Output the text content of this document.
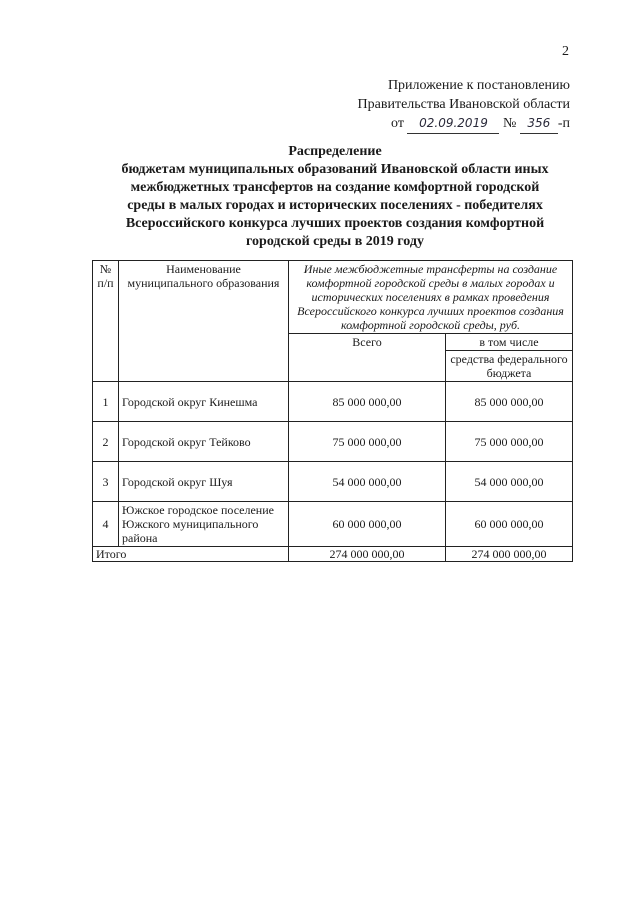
2
Приложение к постановлению
Правительства Ивановской области
от 02.09.2019 № 356 -п
Распределение
бюджетам муниципальных образований Ивановской области иных
межбюджетных трансфертов на создание комфортной городской
среды в малых городах и исторических поселениях - победителях
Всероссийского конкурса лучших проектов создания комфортной
городской среды в 2019 году
№ п/п	Наименование муниципального образования	Иные межбюджетные трансферты на создание комфортной городской среды в малых городах и исторических поселениях в рамках проведения Всероссийского конкурса лучших проектов создания комфортной городской среды, руб.	
		Всего	в том числе
			средства федерального бюджета
1	Городской округ Кинешма	85 000 000,00	85 000 000,00
2	Городской округ Тейково	75 000 000,00	75 000 000,00
3	Городской округ Шуя	54 000 000,00	54 000 000,00
4	Южское городское поселение Южского муниципального района	60 000 000,00	60 000 000,00
Итого		274 000 000,00	274 000 000,00
